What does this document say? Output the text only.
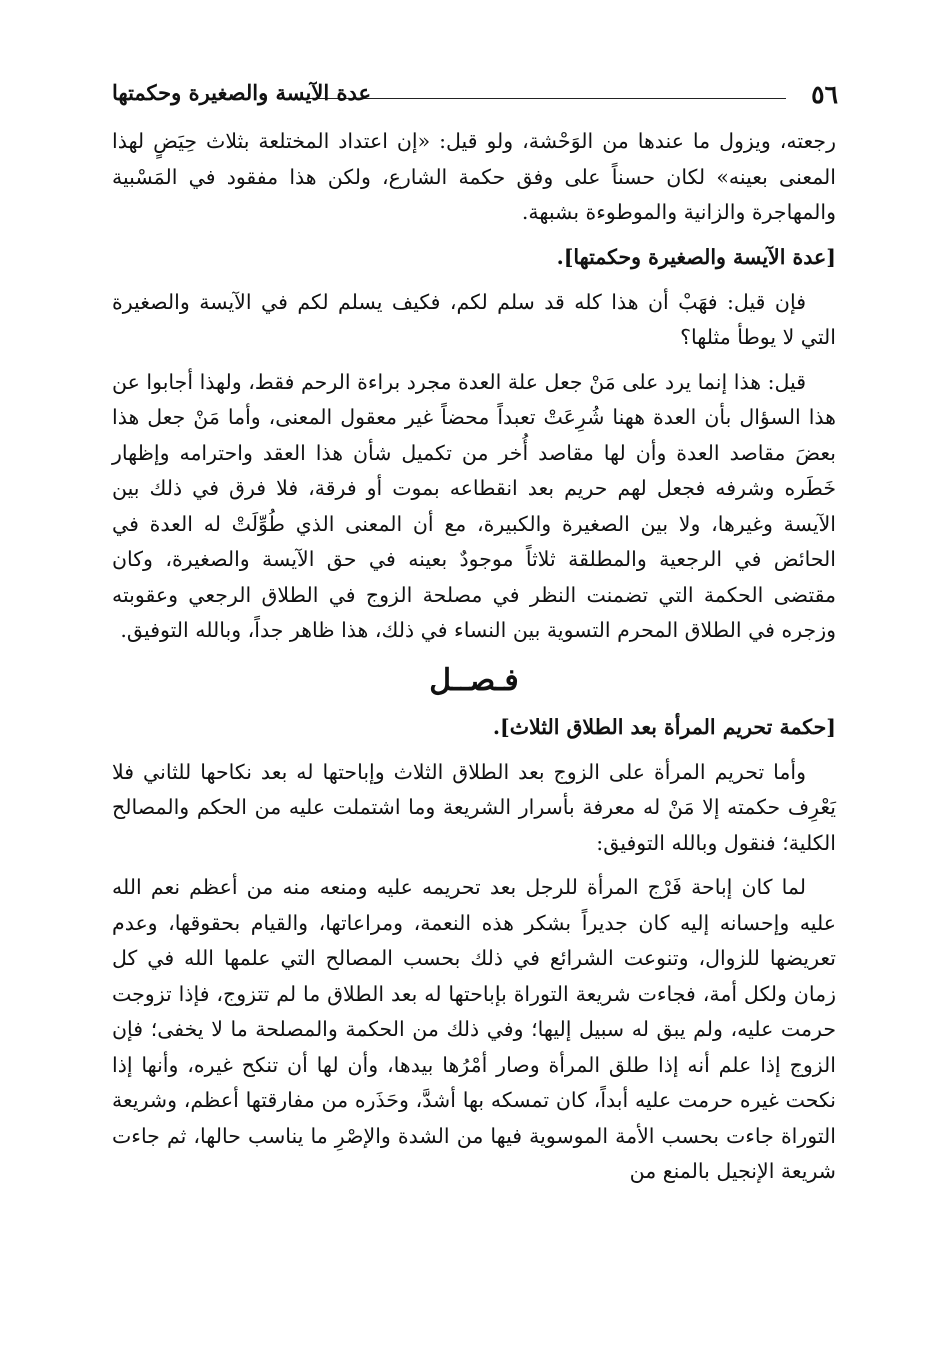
٥٦
عدة الآيسة والصغيرة وحكمتها

رجعته، ويزول ما عندها من الوَحْشة، ولو قيل: «إن اعتداد المختلعة بثلاث حِيَضٍ لهذا المعنى بعينه» لكان حسناً على وفق حكمة الشارع، ولكن هذا مفقود في المَسْبية والمهاجرة والزانية والموطوءة بشبهة.

[عدة الآيسة والصغيرة وحكمتها].

فإن قيل: فهَبْ أن هذا كله قد سلم لكم، فكيف يسلم لكم في الآيسة والصغيرة التي لا يوطأ مثلها؟

قيل: هذا إنما يرد على مَنْ جعل علة العدة مجرد براءة الرحم فقط، ولهذا أجابوا عن هذا السؤال بأن العدة ههنا شُرِعَتْ تعبداً محضاً غير معقول المعنى، وأما مَنْ جعل هذا بعضَ مقاصد العدة وأن لها مقاصد أُخر من تكميل شأن هذا العقد واحترامه وإظهار خَطَره وشرفه فجعل لهم حريم بعد انقطاعه بموت أو فرقة، فلا فرق في ذلك بين الآيسة وغيرها، ولا بين الصغيرة والكبيرة، مع أن المعنى الذي طُوِّلَتْ له العدة في الحائض في الرجعية والمطلقة ثلاثاً موجودٌ بعينه في حق الآيسة والصغيرة، وكان مقتضى الحكمة التي تضمنت النظر في مصلحة الزوج في الطلاق الرجعي وعقوبته وزجره في الطلاق المحرم التسوية بين النساء في ذلك، هذا ظاهر جداً، وبالله التوفيق.

فـصــل
[حكمة تحريم المرأة بعد الطلاق الثلاث].

وأما تحريم المرأة على الزوج بعد الطلاق الثلاث وإباحتها له بعد نكاحها للثاني فلا يَعْرِف حكمته إلا مَنْ له معرفة بأسرار الشريعة وما اشتملت عليه من الحكم والمصالح الكلية؛ فنقول وبالله التوفيق:

لما كان إباحة فَرْج المرأة للرجل بعد تحريمه عليه ومنعه منه من أعظم نعم الله عليه وإحسانه إليه كان جديراً بشكر هذه النعمة، ومراعاتها، والقيام بحقوقها، وعدم تعريضها للزوال، وتنوعت الشرائع في ذلك بحسب المصالح التي علمها الله في كل زمان ولكل أمة، فجاءت شريعة التوراة بإباحتها له بعد الطلاق ما لم تتزوج، فإذا تزوجت حرمت عليه، ولم يبق له سبيل إليها؛ وفي ذلك من الحكمة والمصلحة ما لا يخفى؛ فإن الزوج إذا علم أنه إذا طلق المرأة وصار أمْرُها بيدها، وأن لها أن تنكح غيره، وأنها إذا نكحت غيره حرمت عليه أبداً، كان تمسكه بها أشدَّ، وحَذَره من مفارقتها أعظم، وشريعة التوراة جاءت بحسب الأمة الموسوية فيها من الشدة والإصْرِ ما يناسب حالها، ثم جاءت شريعة الإنجيل بالمنع من
